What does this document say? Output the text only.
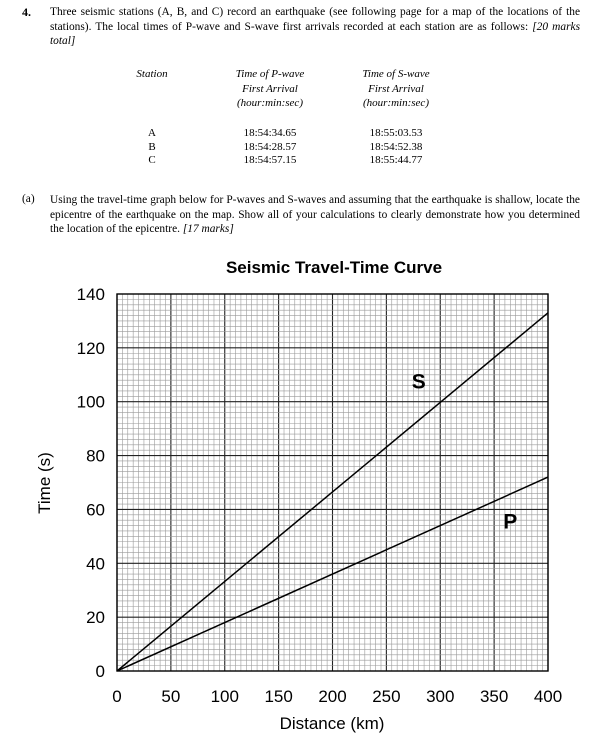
4. Three seismic stations (A, B, and C) record an earthquake (see following page for a map of the locations of the stations). The local times of P-wave and S-wave first arrivals recorded at each station are as follows: [20 marks total]
Station	Time of P-wave
First Arrival
(hour:min:sec)
Time of S-wave
First Arrival
(hour:min:sec)
A
B
C
18:54:34.65
18:54:28.57
18:54:57.15
18:55:03.53
18:54:52.38
18:55:44.77
(a) Using the travel-time graph below for P-waves and S-waves and assuming that the earthquake is shallow, locate the epicentre of the earthquake on the map. Show all of your calculations to clearly demonstrate how you determined the location of the epicentre. [17 marks]
S
P
0 50 100 150 200 250 300 350 400
0
20
40
60
80
100
120
140
Seismic Travel-Time Curve
Distance (km)
Time (s)
